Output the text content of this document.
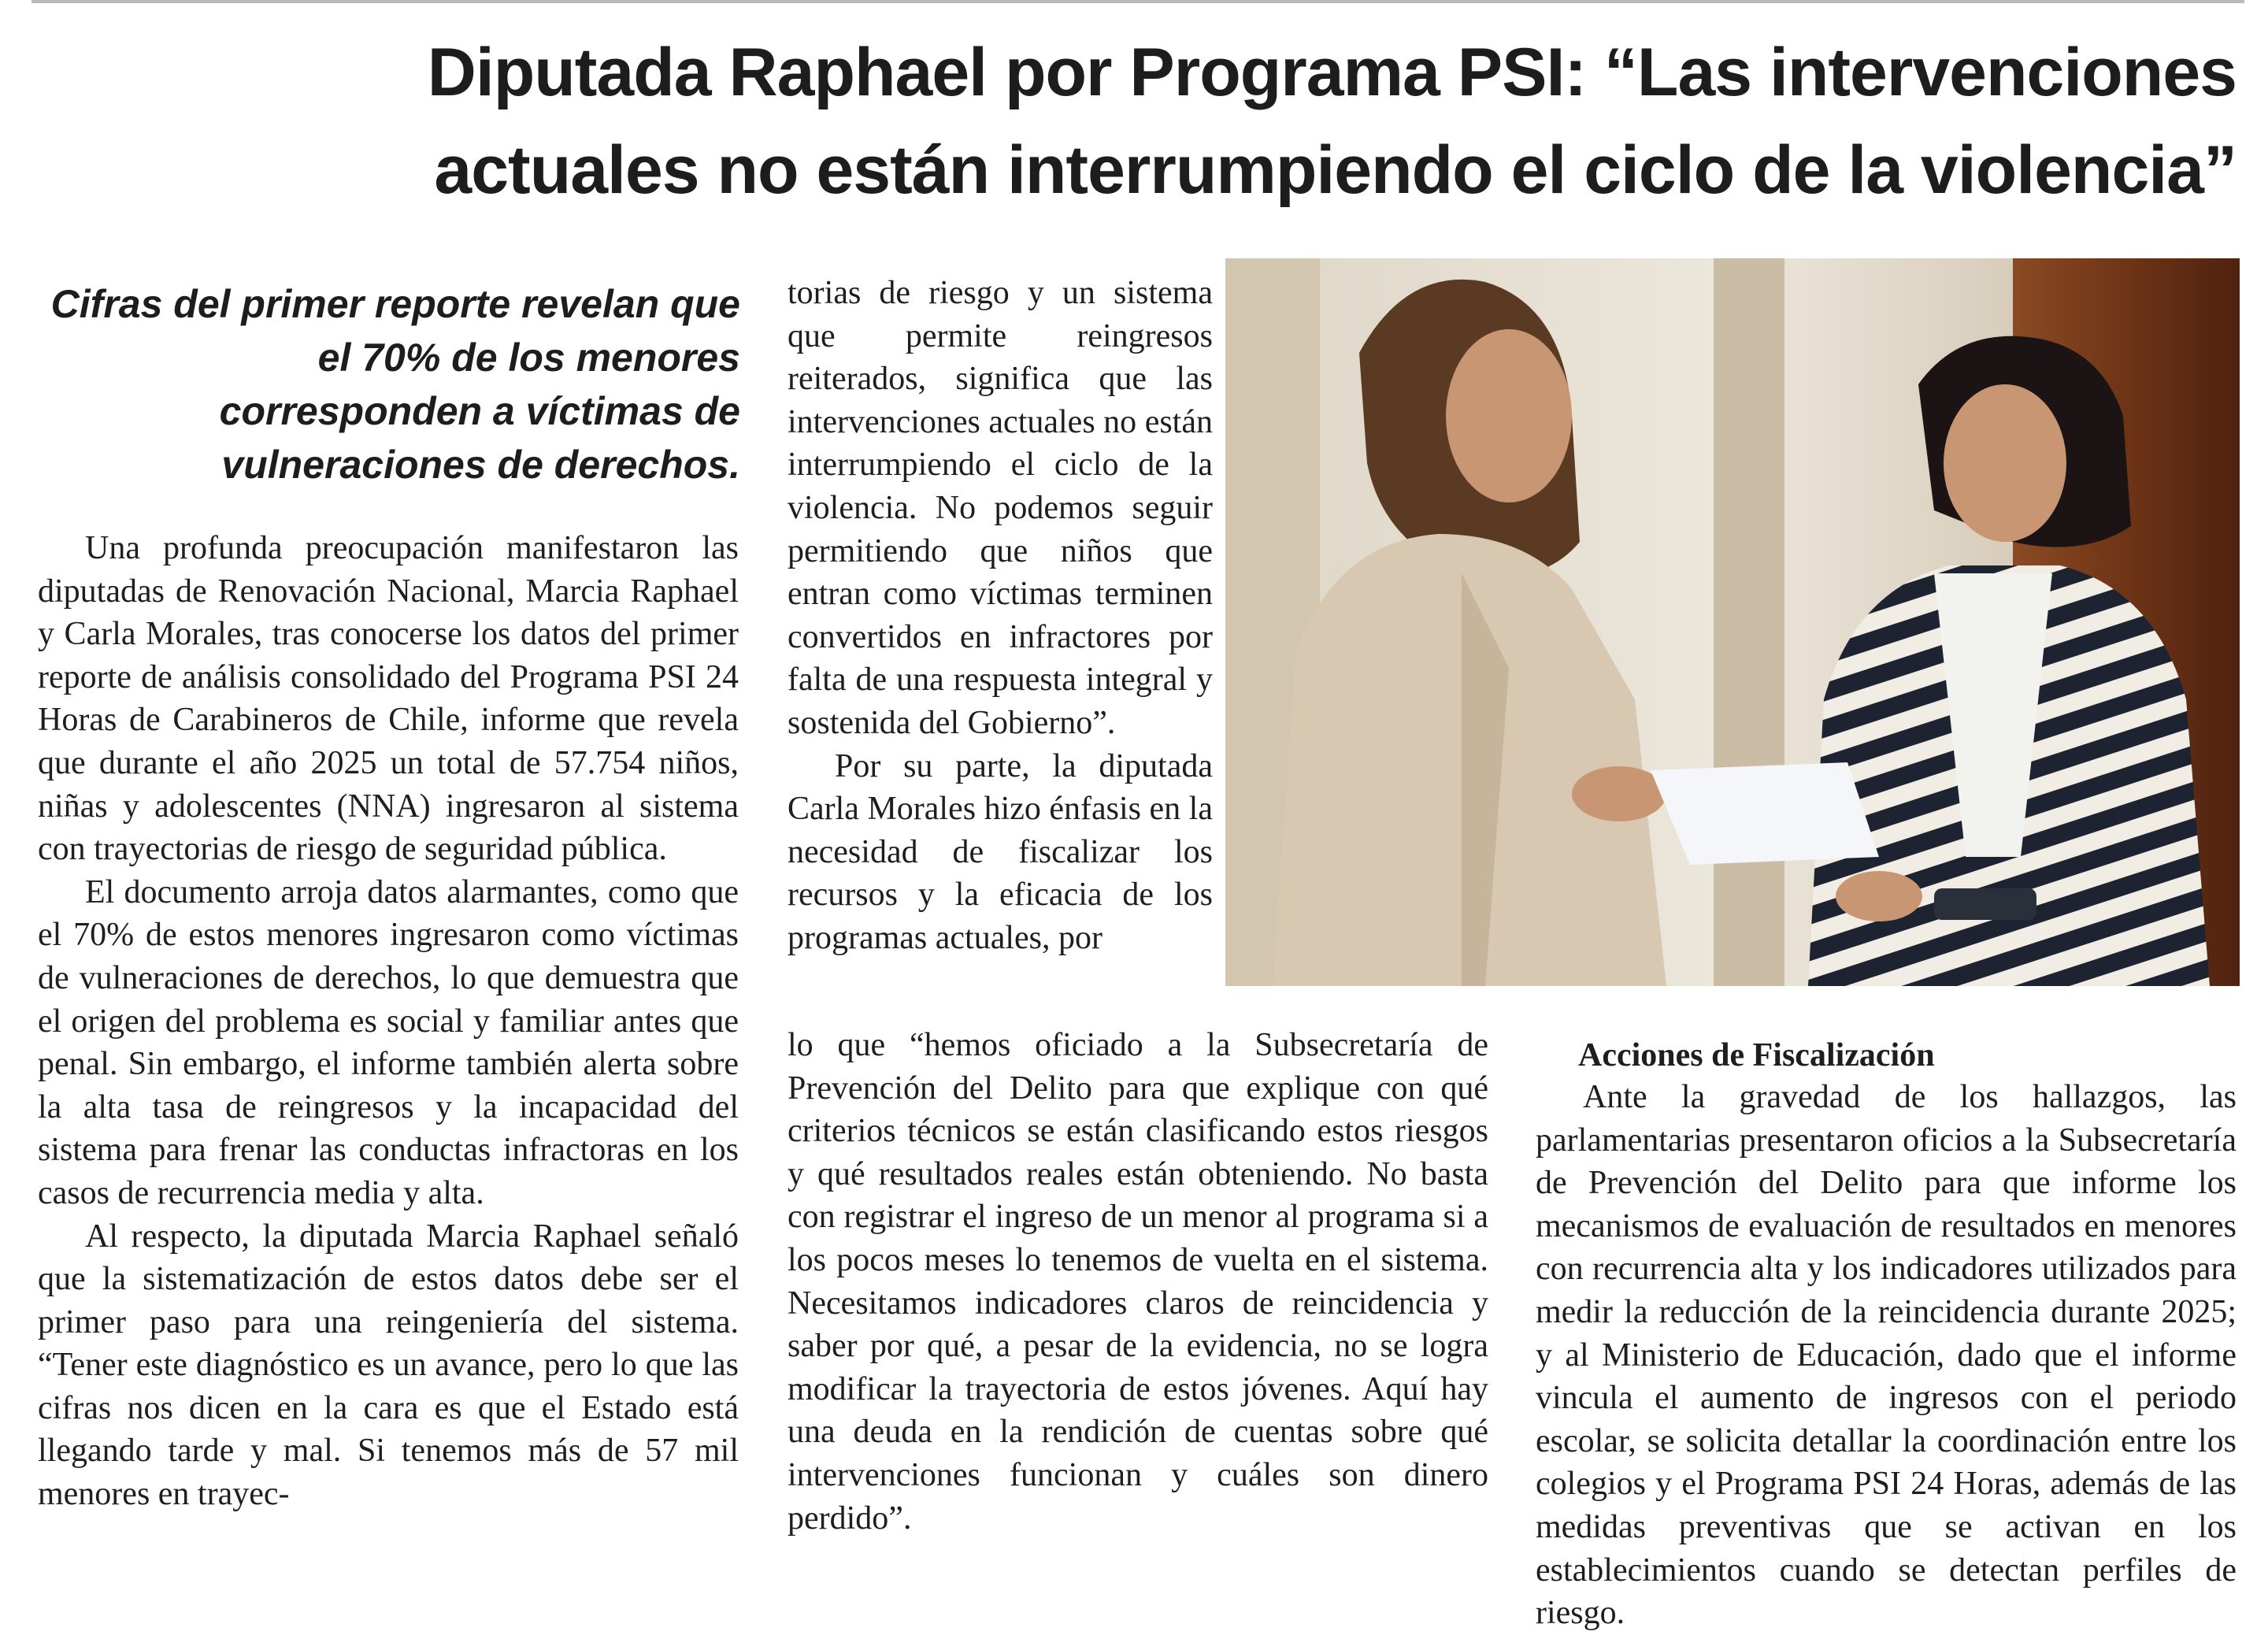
Diputada Raphael por Programa PSI: “Las intervenciones
actuales no están interrumpiendo el ciclo de la violencia”
Cifras del primer reporte revelan que el 70% de los menores corresponden a víctimas de vulneraciones de derechos.

Una profunda preocupación manifestaron las diputadas de Renovación Nacional, Marcia Raphael y Carla Morales, tras conocerse los datos del primer reporte de análisis consolidado del Programa PSI 24 Horas de Carabineros de Chile, informe que revela que durante el año 2025 un total de 57.754 niños, niñas y adolescentes (NNA) ingresaron al sistema con trayectorias de riesgo de seguridad pública.

El documento arroja datos alarmantes, como que el 70% de estos menores ingresaron como víctimas de vulneraciones de derechos, lo que demuestra que el origen del problema es social y familiar antes que penal. Sin embargo, el informe también alerta sobre la alta tasa de reingresos y la incapacidad del sistema para frenar las conductas infractoras en los casos de recurrencia media y alta.

Al respecto, la diputada Marcia Raphael señaló que la sistematización de estos datos debe ser el primer paso para una reingeniería del sistema. “Tener este diagnóstico es un avance, pero lo que las cifras nos dicen en la cara es que el Estado está llegando tarde y mal. Si tenemos más de 57 mil menores en trayec-

torias de riesgo y un sistema que permite reingresos reiterados, significa que las intervenciones actuales no están interrumpiendo el ciclo de la violencia. No podemos seguir permitiendo que niños que entran como víctimas terminen convertidos en infractores por falta de una respuesta integral y sostenida del Gobierno”.

Por su parte, la diputada Carla Morales hizo énfasis en la necesidad de fiscalizar los recursos y la eficacia de los programas actuales, por

lo que “hemos oficiado a la Subsecretaría de Prevención del Delito para que explique con qué criterios técnicos se están clasificando estos riesgos y qué resultados reales están obteniendo. No basta con registrar el ingreso de un menor al programa si a los pocos meses lo tenemos de vuelta en el sistema. Necesitamos indicadores claros de reincidencia y saber por qué, a pesar de la evidencia, no se logra modificar la trayectoria de estos jóvenes. Aquí hay una deuda en la rendición de cuentas sobre qué intervenciones funcionan y cuáles son dinero perdido”.

Acciones de Fiscalización

Ante la gravedad de los hallazgos, las parlamentarias presentaron oficios a la Subsecretaría de Prevención del Delito para que informe los mecanismos de evaluación de resultados en menores con recurrencia alta y los indicadores utilizados para medir la reducción de la reincidencia durante 2025; y al Ministerio de Educación, dado que el informe vincula el aumento de ingresos con el periodo escolar, se solicita detallar la coordinación entre los colegios y el Programa PSI 24 Horas, además de las medidas preventivas que se activan en los establecimientos cuando se detectan perfiles de riesgo.
